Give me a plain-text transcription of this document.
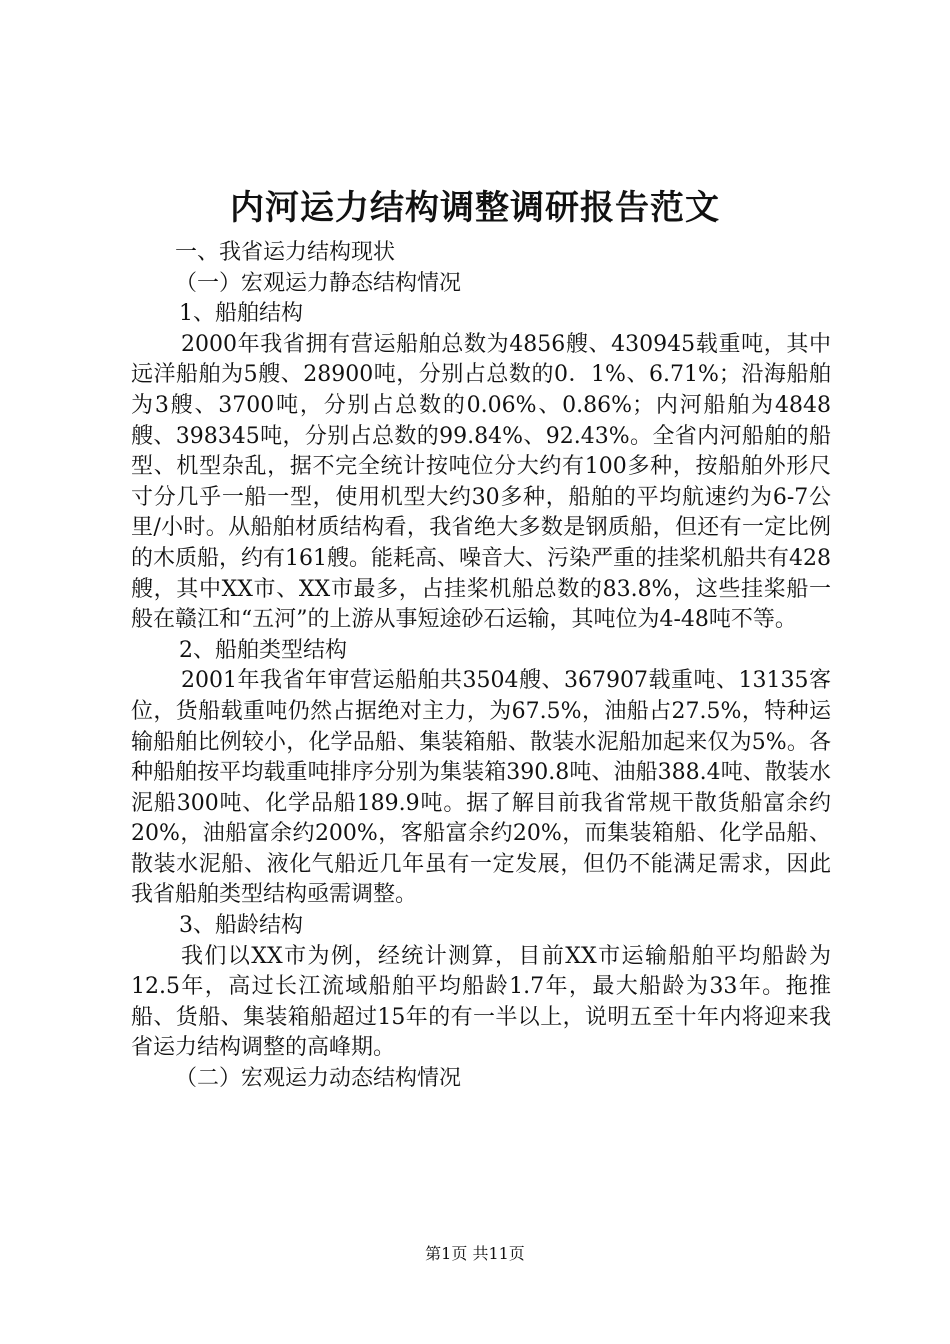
内河运力结构调整调研报告范文

一、我省运力结构现状

（一）宏观运力静态结构情况

1、船舶结构

2000年我省拥有营运船舶总数为4856艘、430945载重吨，其中远洋船舶为5艘、28900吨，分别占总数的0．1%、6.71%；沿海船舶为3艘、3700吨，分别占总数的0.06%、0.86%；内河船舶为4848艘、398345吨，分别占总数的99.84%、92.43%。全省内河船舶的船型、机型杂乱，据不完全统计按吨位分大约有100多种，按船舶外形尺寸分几乎一船一型，使用机型大约30多种，船舶的平均航速约为6-7公里/小时。从船舶材质结构看，我省绝大多数是钢质船，但还有一定比例的木质船，约有161艘。能耗高、噪音大、污染严重的挂桨机船共有428艘，其中XX市、XX市最多，占挂桨机船总数的83.8%，这些挂桨船一般在赣江和“五河”的上游从事短途砂石运输，其吨位为4-48吨不等。

2、船舶类型结构

2001年我省年审营运船舶共3504艘、367907载重吨、13135客位，货船载重吨仍然占据绝对主力，为67.5%，油船占27.5%，特种运输船舶比例较小，化学品船、集装箱船、散装水泥船加起来仅为5%。各种船舶按平均载重吨排序分别为集装箱390.8吨、油船388.4吨、散装水泥船300吨、化学品船189.9吨。据了解目前我省常规干散货船富余约20%，油船富余约200%，客船富余约20%，而集装箱船、化学品船、散装水泥船、液化气船近几年虽有一定发展，但仍不能满足需求，因此我省船舶类型结构亟需调整。

3、船龄结构

我们以XX市为例，经统计测算，目前XX市运输船舶平均船龄为12.5年，高过长江流域船舶平均船龄1.7年，最大船龄为33年。拖推船、货船、集装箱船超过15年的有一半以上，说明五至十年内将迎来我省运力结构调整的高峰期。

（二）宏观运力动态结构情况

第1页 共11页
